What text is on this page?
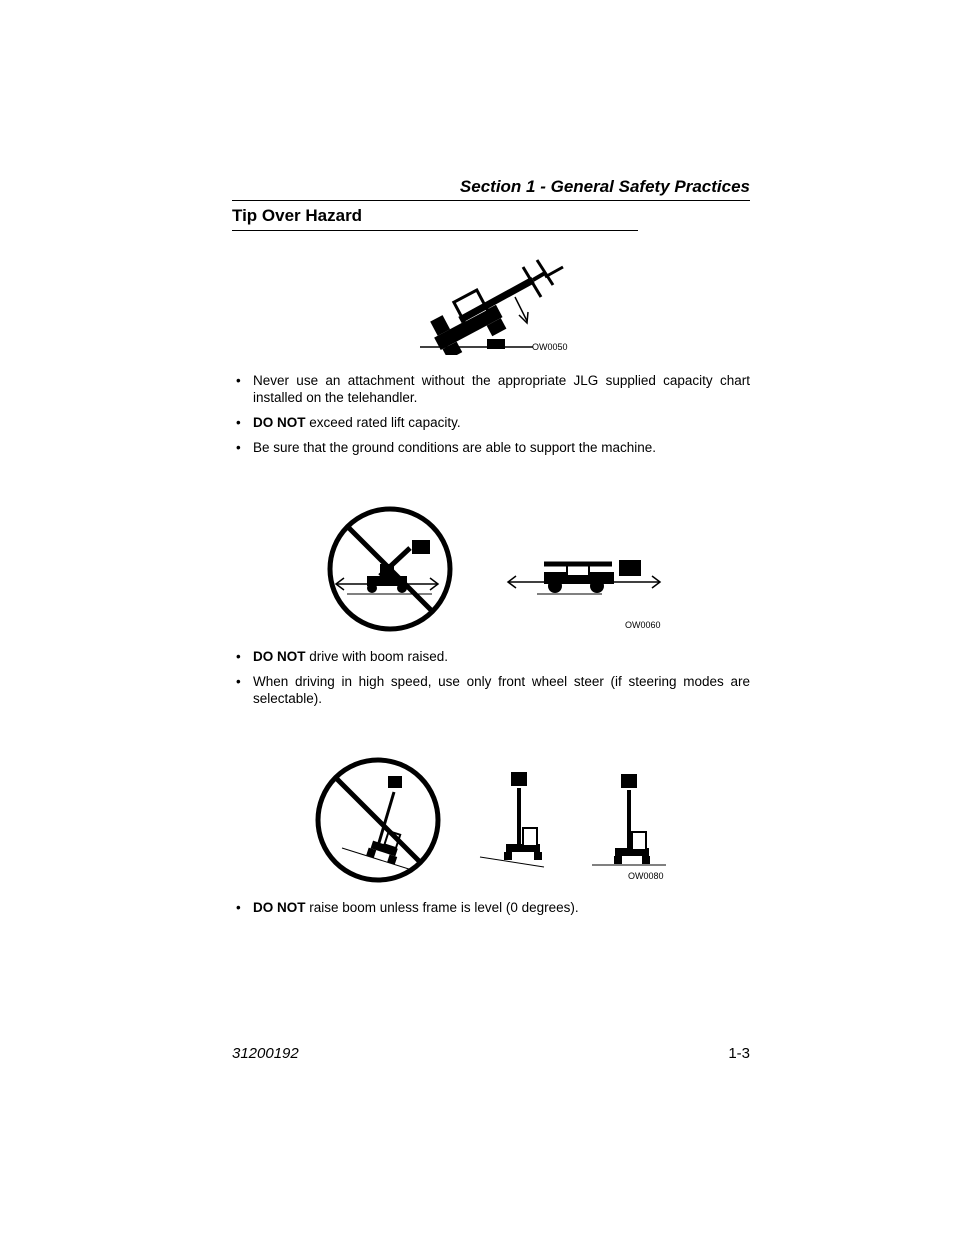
Section 1 - General Safety Practices
Tip Over Hazard
OW0050
• Never use an attachment without the appropriate JLG supplied capacity chart installed on the telehandler.
• DO NOT exceed rated lift capacity.
• Be sure that the ground conditions are able to support the machine.
OW0060
• DO NOT drive with boom raised.
• When driving in high speed, use only front wheel steer (if steering modes are selectable).
OW0080
• DO NOT raise boom unless frame is level (0 degrees).
31200192	1-3
